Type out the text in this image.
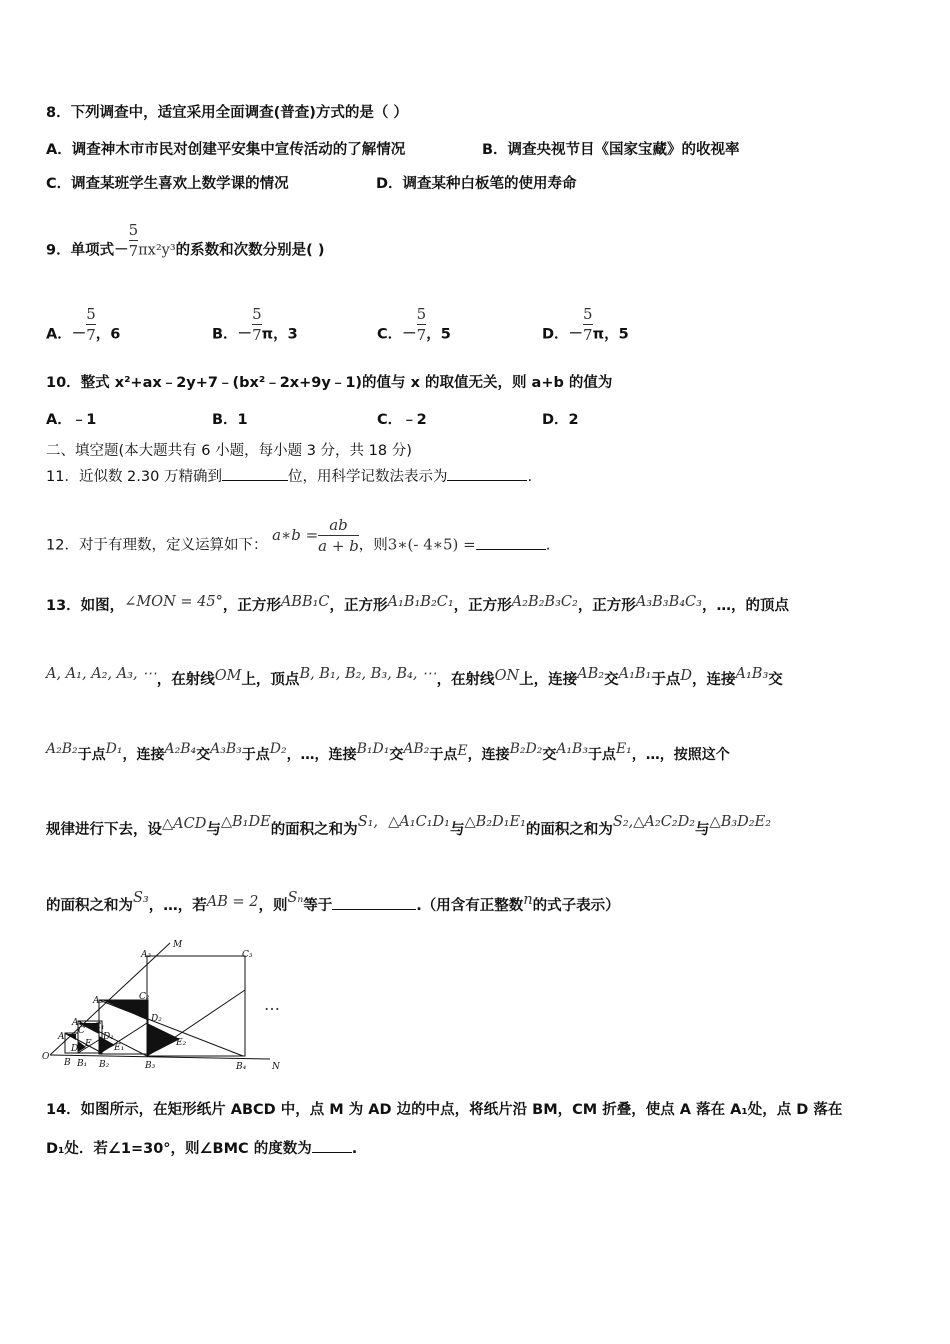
8．下列调查中，适宜采用全面调查(普查)方式的是（ ）
A．调查神木市市民对创建平安集中宣传活动的了解情况	B．调查央视节目《国家宝藏》的收视率
C．调查某班学生喜欢上数学课的情况	D．调查某种白板笔的使用寿命
9．单项式－ $\frac{5}{7} \pi x^2y^3$的系数和次数分别是( )
A．－ $\frac{5}{7}$ ，6	B．－ $\frac{5}{7}$ π，3	C．－ $\frac{5}{7}$ ，5	D．－ $\frac{5}{7}$ π，5
10．整式 x²+ax﹣2y+7﹣(bx²﹣2x+9y﹣1)的值与 x 的取值无关，则 a+b 的值为
A．﹣1	B．1	C．﹣2	D．2
二、填空题(本大题共有 6 小题，每小题 3 分，共 18 分)
11．近似数 2.30 万精确到	位，用科学记数法表示为	.
12．对于有理数，定义运算如下： a∗b = $\frac{ab}{a + b}$ ，则3∗(- 4∗5) =	.
13．如图，∠MON = 45°，正方形ABB₁C，正方形A₁B₁B₂C₁，正方形A₂B₂B₃C₂，正方形A₃B₃B₄C₃，…，的顶点
A, A₁, A₂, A₃, ⋯，在射线OM上，顶点B, B₁, B₂, B₃, B₄, ⋯，在射线ON上，连接AB₂交A₁B₁于点D，连接A₁B₃交
A₂B₂于点D₁，连接A₂B₄交A₃B₃于点D₂，…，连接B₁D₁交AB₂于点E，连接B₂D₂交A₁B₃于点E₁，…，按照这个
规律进行下去，设△ACD与△B₁DE的面积之和为S₁, △A₁C₁D₁与△B₂D₁E₁的面积之和为S₂,△A₂C₂D₂与△B₃D₂E₂
的面积之和为S₃，…，若AB = 2，则Sₙ等于	.（用含有正整数n的式子表示）
O
M
N
A
A₁
A₂
A₃
B B₁ B₂	B₃	B₄
C C₁
C₂
C₃
D
D₁
D₂
E E₁	E₂
…
14．如图所示，在矩形纸片 ABCD 中，点 M 为 AD 边的中点，将纸片沿 BM，CM 折叠，使点 A 落在 A₁处，点 D 落在
D₁处．若∠1=30°，则∠BMC 的度数为	.
